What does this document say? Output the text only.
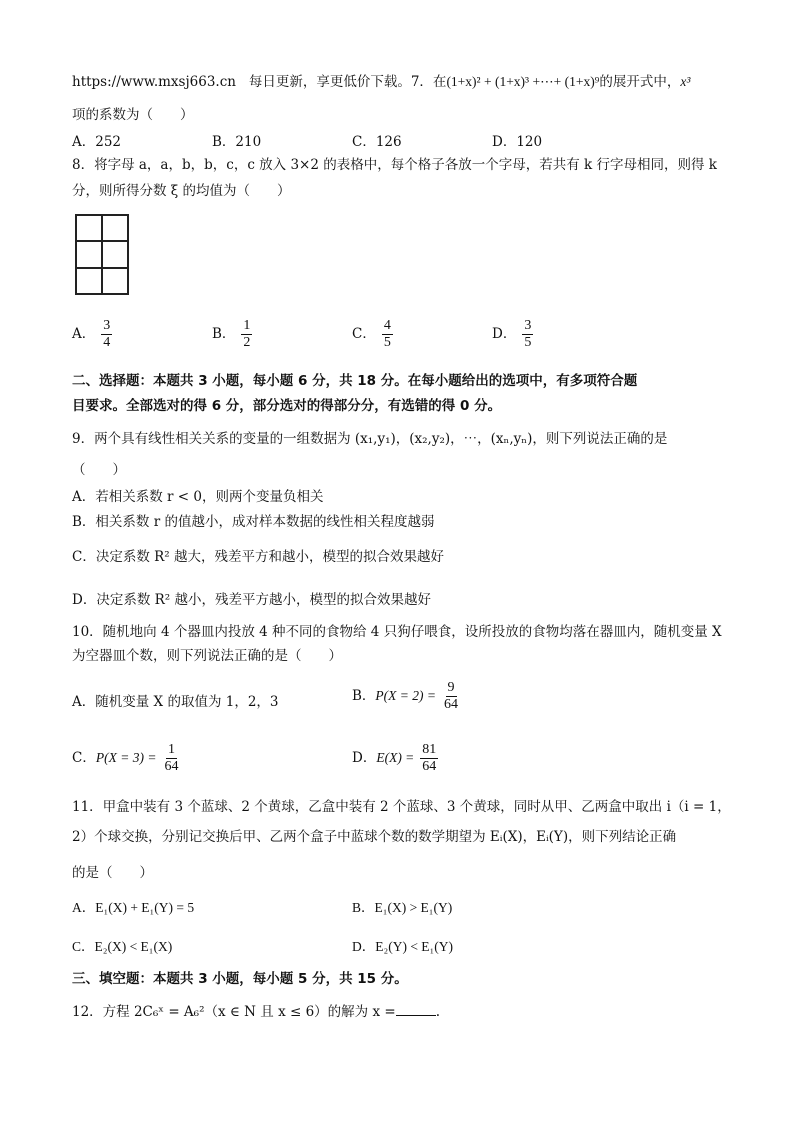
https://www.mxsj663.cn 每日更新，享更低价下载。7．在(1+x)² + (1+x)³ +⋯+ (1+x)⁹的展开式中，x³
项的系数为（　　）
A．252	B．210	C．126	D．120
8．将字母 a，a，b，b，c，c 放入 3×2 的表格中，每个格子各放一个字母，若共有 k 行字母相同，则得 k
分，则所得分数 ξ 的均值为（　　）
A． $\frac{3}{4}$	B． $\frac{1}{2}$	C． $\frac{4}{5}$	D． $\frac{3}{5}$
二、选择题：本题共 3 小题，每小题 6 分，共 18 分。在每小题给出的选项中，有多项符合题
目要求。全部选对的得 6 分，部分选对的得部分分，有选错的得 0 分。
9．两个具有线性相关关系的变量的一组数据为 (x₁,y₁)，(x₂,y₂)，⋯，(xₙ,yₙ)，则下列说法正确的是
（　　）
A．若相关系数 r < 0，则两个变量负相关
B．相关系数 r 的值越小，成对样本数据的线性相关程度越弱
C．决定系数 R² 越大，残差平方和越小，模型的拟合效果越好
D．决定系数 R² 越小，残差平方越小，模型的拟合效果越好
10．随机地向 4 个器皿内投放 4 种不同的食物给 4 只狗仔喂食，设所投放的食物均落在器皿内，随机变量 X
为空器皿个数，则下列说法正确的是（　　）
A．随机变量 X 的取值为 1，2，3	B．$P(X = 2) = \frac{9}{64}$
C．$P(X = 3) = \frac{1}{64}$	D．$E(X) = \frac{81}{64}$
11．甲盒中装有 3 个蓝球、2 个黄球，乙盒中装有 2 个蓝球、3 个黄球，同时从甲、乙两盒中取出 i（i = 1，
2）个球交换，分别记交换后甲、乙两个盒子中蓝球个数的数学期望为 Eᵢ(X)，Eᵢ(Y)，则下列结论正确
的是（　　）
A．E₁(X) + E₁(Y) = 5	B．E₁(X) > E₁(Y)
C．E₂(X) < E₁(X)	D．E₂(Y) < E₁(Y)
三、填空题：本题共 3 小题，每小题 5 分，共 15 分。
12．方程 2C₆ˣ = A₆²（x ∈ N 且 x ≤ 6）的解为 x =	.
